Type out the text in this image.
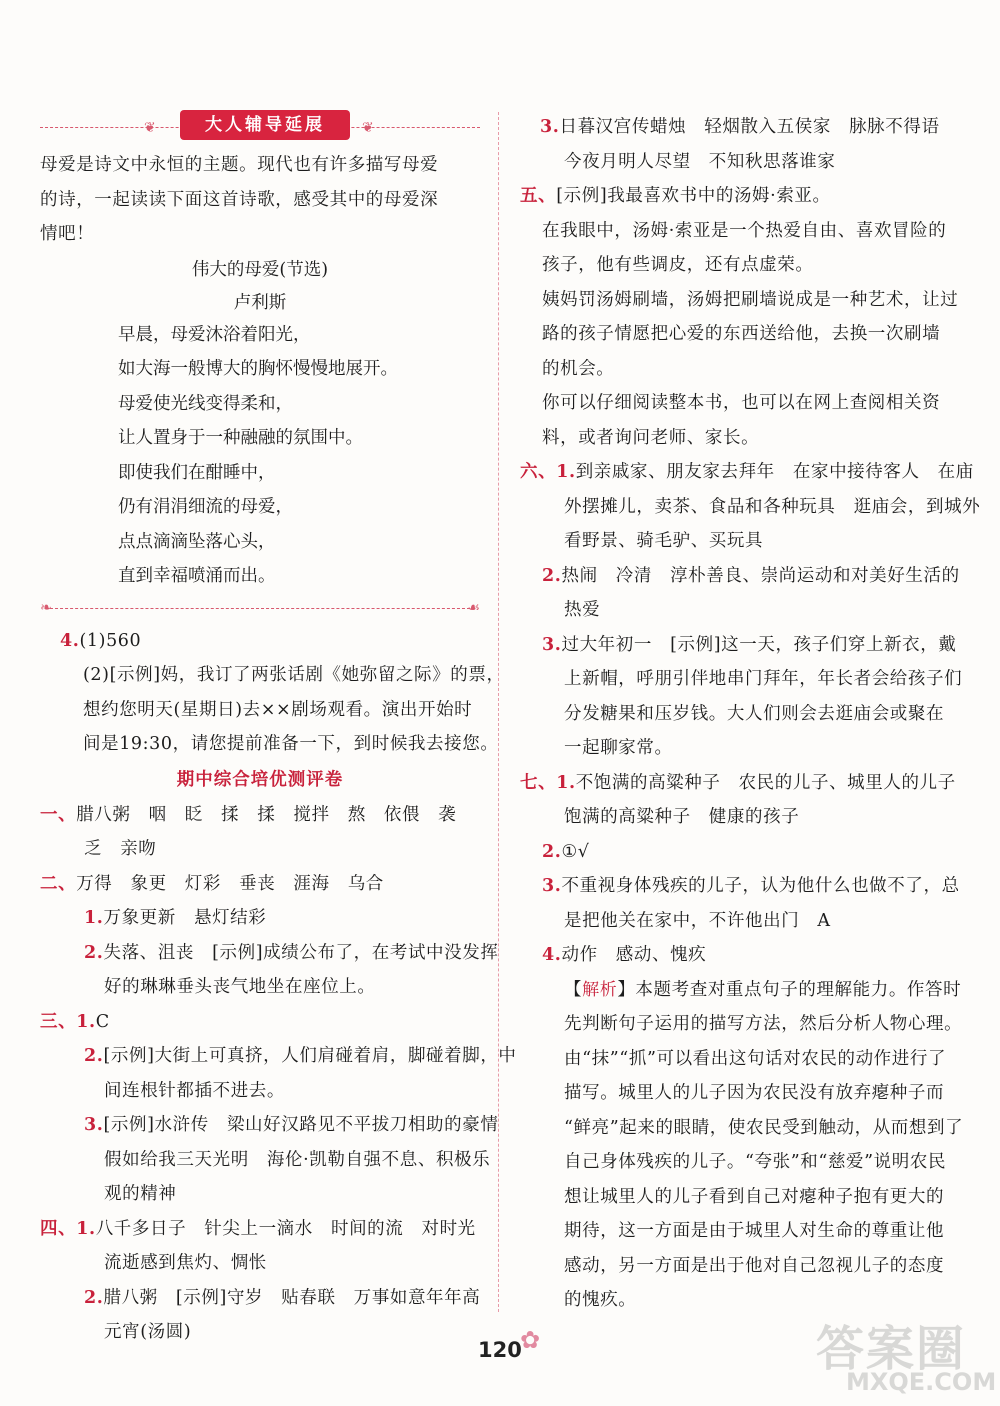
❦	大人辅导延展	❦
母爱是诗文中永恒的主题。现代也有许多描写母爱
的诗，一起读读下面这首诗歌，感受其中的母爱深
情吧！
伟大的母爱(节选)
卢利斯
早晨，母爱沐浴着阳光，
如大海一般博大的胸怀慢慢地展开。
母爱使光线变得柔和，
让人置身于一种融融的氛围中。
即使我们在酣睡中，
仍有涓涓细流的母爱，
点点滴滴坠落心头，
直到幸福喷涌而出。
❧	☙
4.(1)560
(2)[示例]妈，我订了两张话剧《她弥留之际》的票，
想约您明天(星期日)去××剧场观看。演出开始时
间是19:30，请您提前准备一下，到时候我去接您。
期中综合培优测评卷
一、腊八粥　咽　眨　揉　揉　搅拌　熬　依偎　袭
乏　亲吻
二、万得　象更　灯彩　垂丧　涯海　乌合
1.万象更新　悬灯结彩
2.失落、沮丧　[示例]成绩公布了，在考试中没发挥
好的琳琳垂头丧气地坐在座位上。
三、1.C
2.[示例]大街上可真挤，人们肩碰着肩，脚碰着脚，中
间连根针都插不进去。
3.[示例]水浒传　梁山好汉路见不平拔刀相助的豪情
假如给我三天光明　海伦·凯勒自强不息、积极乐
观的精神
四、1.八千多日子　针尖上一滴水　时间的流　对时光
流逝感到焦灼、惆怅
2.腊八粥　[示例]守岁　贴春联　万事如意年年高
元宵(汤圆)
3.日暮汉宫传蜡烛　轻烟散入五侯家　脉脉不得语
今夜月明人尽望　不知秋思落谁家
五、[示例]我最喜欢书中的汤姆·索亚。
在我眼中，汤姆·索亚是一个热爱自由、喜欢冒险的
孩子，他有些调皮，还有点虚荣。
姨妈罚汤姆刷墙，汤姆把刷墙说成是一种艺术，让过
路的孩子情愿把心爱的东西送给他，去换一次刷墙
的机会。
你可以仔细阅读整本书，也可以在网上查阅相关资
料，或者询问老师、家长。
六、1.到亲戚家、朋友家去拜年　在家中接待客人　在庙
外摆摊儿，卖茶、食品和各种玩具　逛庙会，到城外
看野景、骑毛驴、买玩具
2.热闹　冷清　淳朴善良、崇尚运动和对美好生活的
热爱
3.过大年初一　[示例]这一天，孩子们穿上新衣，戴
上新帽，呼朋引伴地串门拜年，年长者会给孩子们
分发糖果和压岁钱。大人们则会去逛庙会或聚在
一起聊家常。
七、1.不饱满的高粱种子　农民的儿子、城里人的儿子
饱满的高粱种子　健康的孩子
2.①√
3.不重视身体残疾的儿子，认为他什么也做不了，总
是把他关在家中，不许他出门　A
4.动作　感动、愧疚
【解析】本题考查对重点句子的理解能力。作答时
先判断句子运用的描写方法，然后分析人物心理。
由“抹”“抓”可以看出这句话对农民的动作进行了
描写。城里人的儿子因为农民没有放弃瘪种子而
“鲜亮”起来的眼睛，使农民受到触动，从而想到了
自己身体残疾的儿子。“夸张”和“慈爱”说明农民
想让城里人的儿子看到自己对瘪种子抱有更大的
期待，这一方面是由于城里人对生命的尊重让他
感动，另一方面是出于他对自己忽视儿子的态度
的愧疚。
120
✿	答案圈
MXQE.COM
